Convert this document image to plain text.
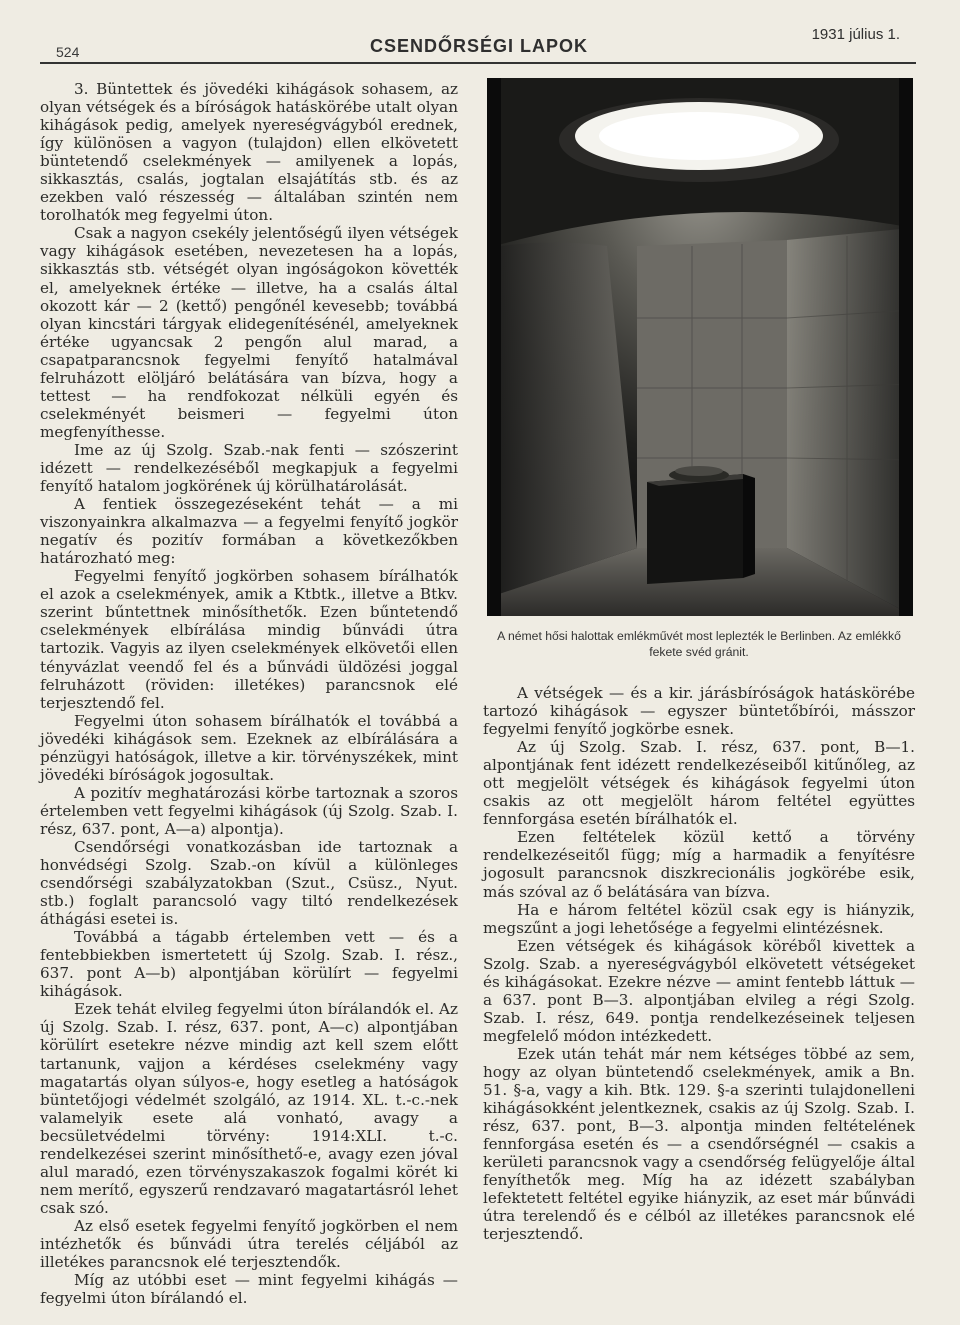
524	CSENDŐRSÉGI LAPOK
1931 július 1.

3. Büntettek és jövedéki kihágások sohasem, az olyan vétségek és a bíróságok hatáskörébe utalt olyan kihágások pedig, amelyek nyereségvágyból erednek, így különösen a vagyon (tulajdon) ellen elkövetett büntetendő cselekmények — amilyenek a lopás, sikkasztás, csalás, jogtalan elsajátítás stb. és az ezekben való részesség — általában szintén nem torolhatók meg fegyelmi úton.

Csak a nagyon csekély jelentőségű ilyen vétségek vagy kihágások esetében, nevezetesen ha a lopás, sikkasztás stb. vétségét olyan ingóságokon követték el, amelyeknek értéke — illetve, ha a csalás által okozott kár — 2 (kettő) pengőnél kevesebb; továbbá olyan kincstári tárgyak elidegenítésénél, amelyeknek értéke ugyancsak 2 pengőn alul marad, a csapatparancsnok fegyelmi fenyítő hatalmával felruházott elöljáró belátására van bízva, hogy a tettest — ha rendfokozat nélküli egyén és cselekményét beismeri — fegyelmi úton megfenyíthesse.

Ime az új Szolg. Szab.-nak fenti — szószerint idézett — rendelkezéséből megkapjuk a fegyelmi fenyítő hatalom jogkörének új körülhatárolását.

A fentiek összegezéseként tehát — a mi viszonyainkra alkalmazva — a fegyelmi fenyítő jogkör negatív és pozitív formában a következőkben határozható meg:

Fegyelmi fenyítő jogkörben sohasem bírálhatók el azok a cselekmények, amik a Ktbtk., illetve a Btkv. szerint bűntettnek minősíthetők. Ezen bűntetendő cselekmények elbírálása mindig bűnvádi útra tartozik. Vagyis az ilyen cselekmények elkövetői ellen tényvázlat veendő fel és a bűnvádi üldözési joggal felruházott (röviden: illetékes) parancsnok elé terjesztendő fel.

Fegyelmi úton sohasem bírálhatók el továbbá a jövedéki kihágások sem. Ezeknek az elbírálására a pénzügyi hatóságok, illetve a kir. törvényszékek, mint jövedéki bíróságok jogosultak.

A pozitív meghatározási körbe tartoznak a szoros értelemben vett fegyelmi kihágások (új Szolg. Szab. I. rész, 637. pont, A—a) alpontja).

Csendőrségi vonatkozásban ide tartoznak a honvédségi Szolg. Szab.-on kívül a különleges csendőrségi szabályzatokban (Szut., Csüsz., Nyut. stb.) foglalt parancsoló vagy tiltó rendelkezések áthágási esetei is.

Továbbá a tágabb értelemben vett — és a fentebbiekben ismertetett új Szolg. Szab. I. rész., 637. pont A—b) alpontjában körülírt — fegyelmi kihágások.

Ezek tehát elvileg fegyelmi úton bírálandók el. Az új Szolg. Szab. I. rész, 637. pont, A—c) alpontjában körülírt esetekre nézve mindig azt kell szem előtt tartanunk, vajjon a kérdéses cselekmény vagy magatartás olyan súlyos-e, hogy esetleg a hatóságok büntetőjogi védelmét szolgáló, az 1914. XL. t.-c.-nek valamelyik esete alá vonható, avagy a becsületvédelmi törvény: 1914:XLI. t.-c. rendelkezései szerint minősíthető-e, avagy ezen jóval alul maradó, ezen törvényszakaszok fogalmi körét ki nem merítő, egyszerű rendzavaró magatartásról lehet csak szó.

Az első esetek fegyelmi fenyítő jogkörben el nem intézhetők és bűnvádi útra terelés céljából az illetékes parancsnok elé terjesztendők.

Míg az utóbbi eset — mint fegyelmi kihágás — fegyelmi úton bírálandó el.

A német hősi halottak emlékművét most leplezték le Berlinben. Az emlékkő fekete svéd gránit.

A vétségek — és a kir. járásbíróságok hatáskörébe tartozó kihágások — egyszer büntetőbírói, másszor fegyelmi fenyítő jogkörbe esnek.

Az új Szolg. Szab. I. rész, 637. pont, B—1. alpontjának fent idézett rendelkezéseiből kitűnőleg, az ott megjelölt vétségek és kihágások fegyelmi úton csakis az ott megjelölt három feltétel együttes fennforgása esetén bírálhatók el.

Ezen feltételek közül kettő a törvény rendelkezéseitől függ; míg a harmadik a fenyítésre jogosult parancsnok diszkrecionális jogkörébe esik, más szóval az ő belátására van bízva.

Ha e három feltétel közül csak egy is hiányzik, megszűnt a jogi lehetősége a fegyelmi elintézésnek.

Ezen vétségek és kihágások köréből kivettek a Szolg. Szab. a nyereségvágyból elkövetett vétségeket és kihágásokat. Ezekre nézve — amint fentebb láttuk — a 637. pont B—3. alpontjában elvileg a régi Szolg. Szab. I. rész, 649. pontja rendelkezéseinek teljesen megfelelő módon intézkedett.

Ezek után tehát már nem kétséges többé az sem, hogy az olyan büntetendő cselekmények, amik a Bn. 51. §-a, vagy a kih. Btk. 129. §-a szerinti tulajdonelleni kihágásokként jelentkeznek, csakis az új Szolg. Szab. I. rész, 637. pont, B—3. alpontja minden feltételének fennforgása esetén és — a csendőrségnél — csakis a kerületi parancsnok vagy a csendőrség felügyelője által fenyíthetők meg. Míg ha az idézett szabályban lefektetett feltétel egyike hiányzik, az eset már bűnvádi útra terelendő és e célból az illetékes parancsnok elé terjesztendő.
